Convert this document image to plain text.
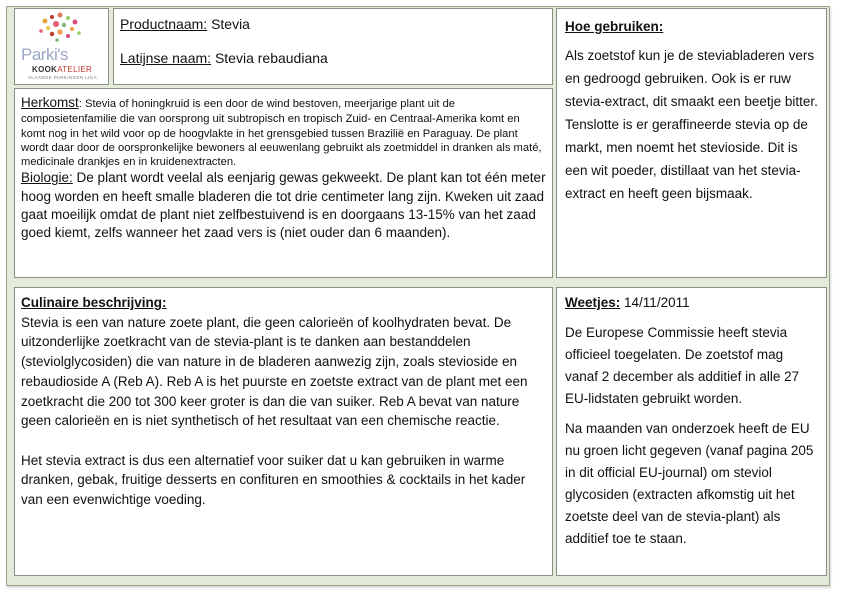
Parki's
KOOKATELIER
VLAAMSE PARKINSON LIGA

Productnaam: Stevia

Latijnse naam: Stevia rebaudiana

Herkomst: Stevia of honingkruid is een door de wind bestoven, meerjarige plant uit de composietenfamilie die van oorsprong uit subtropisch en tropisch Zuid- en Centraal-Amerika komt en komt nog in het wild voor op de hoogvlakte in het grensgebied tussen Brazilië en Paraguay. De plant wordt daar door de oorspronkelijke bewoners al eeuwenlang gebruikt als zoetmiddel in dranken als maté, medicinale drankjes en in kruidenextracten.

Biologie: De plant wordt veelal als eenjarig gewas gekweekt. De plant kan tot één meter hoog worden en heeft smalle bladeren die tot drie centimeter lang zijn. Kweken uit zaad gaat moeilijk omdat de plant niet zelfbestuivend is en doorgaans 13-15% van het zaad goed kiemt, zelfs wanneer het zaad vers is (niet ouder dan 6 maanden).

Hoe gebruiken:

Als zoetstof kun je de steviabladeren vers en gedroogd gebruiken. Ook is er ruw stevia-extract, dit smaakt een beetje bitter. Tenslotte is er geraffineerde stevia op de markt, men noemt het stevioside. Dit is een wit poeder, distillaat van het stevia-extract en heeft geen bijsmaak.

Culinaire beschrijving:

Stevia is een van nature zoete plant, die geen calorieën of koolhydraten bevat. De uitzonderlijke zoetkracht van de stevia-plant is te danken aan bestanddelen (steviolglycosiden) die van nature in de bladeren aanwezig zijn, zoals stevioside en rebaudioside A (Reb A). Reb A is het puurste en zoetste extract van de plant met een zoetkracht die 200 tot 300 keer groter is dan die van suiker. Reb A bevat van nature geen calorieën en is niet synthetisch of het resultaat van een chemische reactie.

Het stevia extract is dus een alternatief voor suiker dat u kan gebruiken in warme dranken, gebak, fruitige desserts en confituren en smoothies & cocktails in het kader van een evenwichtige voeding.

Weetjes: 14/11/2011

De Europese Commissie heeft stevia officieel toegelaten. De zoetstof mag vanaf 2 december als additief in alle 27 EU-lidstaten gebruikt worden.

Na maanden van onderzoek heeft de EU nu groen licht gegeven (vanaf pagina 205 in dit official EU-journal) om steviol glycosiden (extracten afkomstig uit het zoetste deel van de stevia-plant) als additief toe te staan.
